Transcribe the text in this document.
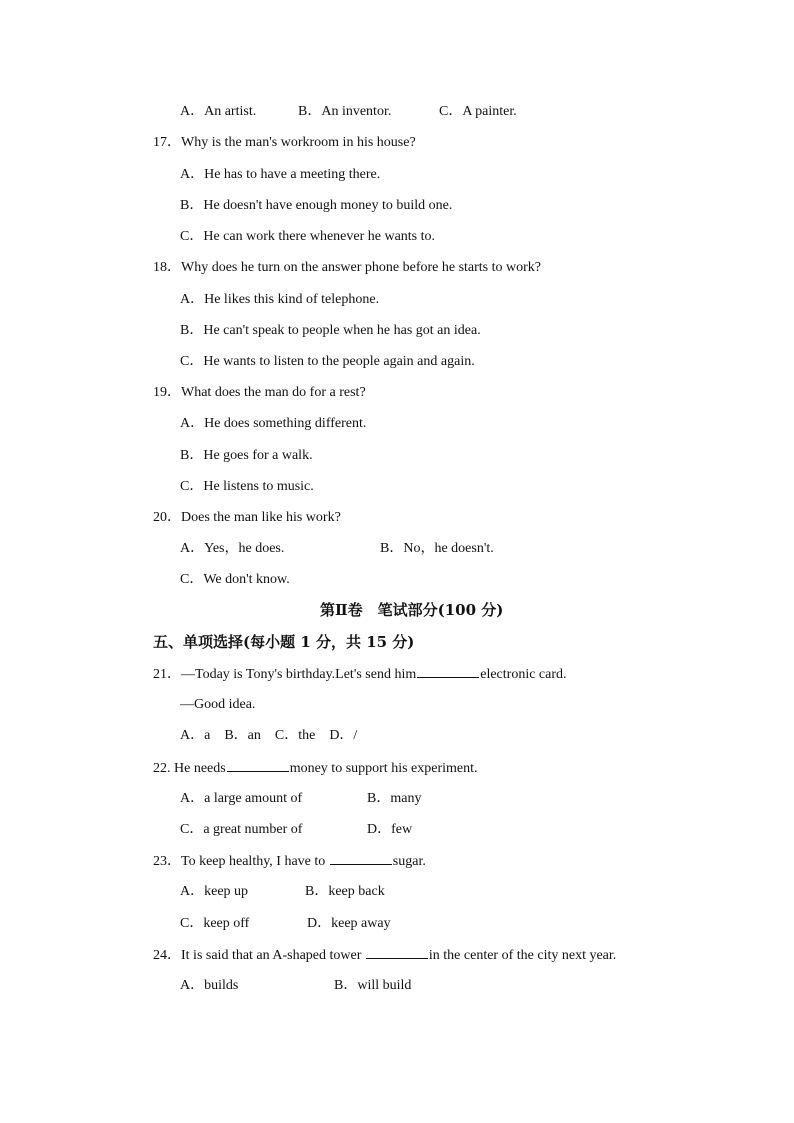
A．An artist.	B．An inventor.	C．A painter.
17．Why is the man's workroom in his house?
A．He has to have a meeting there.
B．He doesn't have enough money to build one.
C．He can work there whenever he wants to.
18．Why does he turn on the answer phone before he starts to work?
A．He likes this kind of telephone.
B．He can't speak to people when he has got an idea.
C．He wants to listen to the people again and again.
19．What does the man do for a rest?
A．He does something different.
B．He goes for a walk.
C．He listens to music.
20．Does the man like his work?
A．Yes，he does.	B．No，he doesn't.
C．We don't know.
第Ⅱ卷　笔试部分(100 分)
五、单项选择(每小题 1 分，共 15 分)
21．—Today is Tony's birthday.Let's send him	electronic card.
—Good idea.
A．a　B．an　C．the　D．/
22. He needs	money to support his experiment.
A．a large amount of	B．many
C．a great number of	D．few
23．To keep healthy, I have to	sugar.
A．keep up	B．keep back
C．keep off	D．keep away
24．It is said that an A-shaped tower	in the center of the city next year.
A．builds	B．will build
